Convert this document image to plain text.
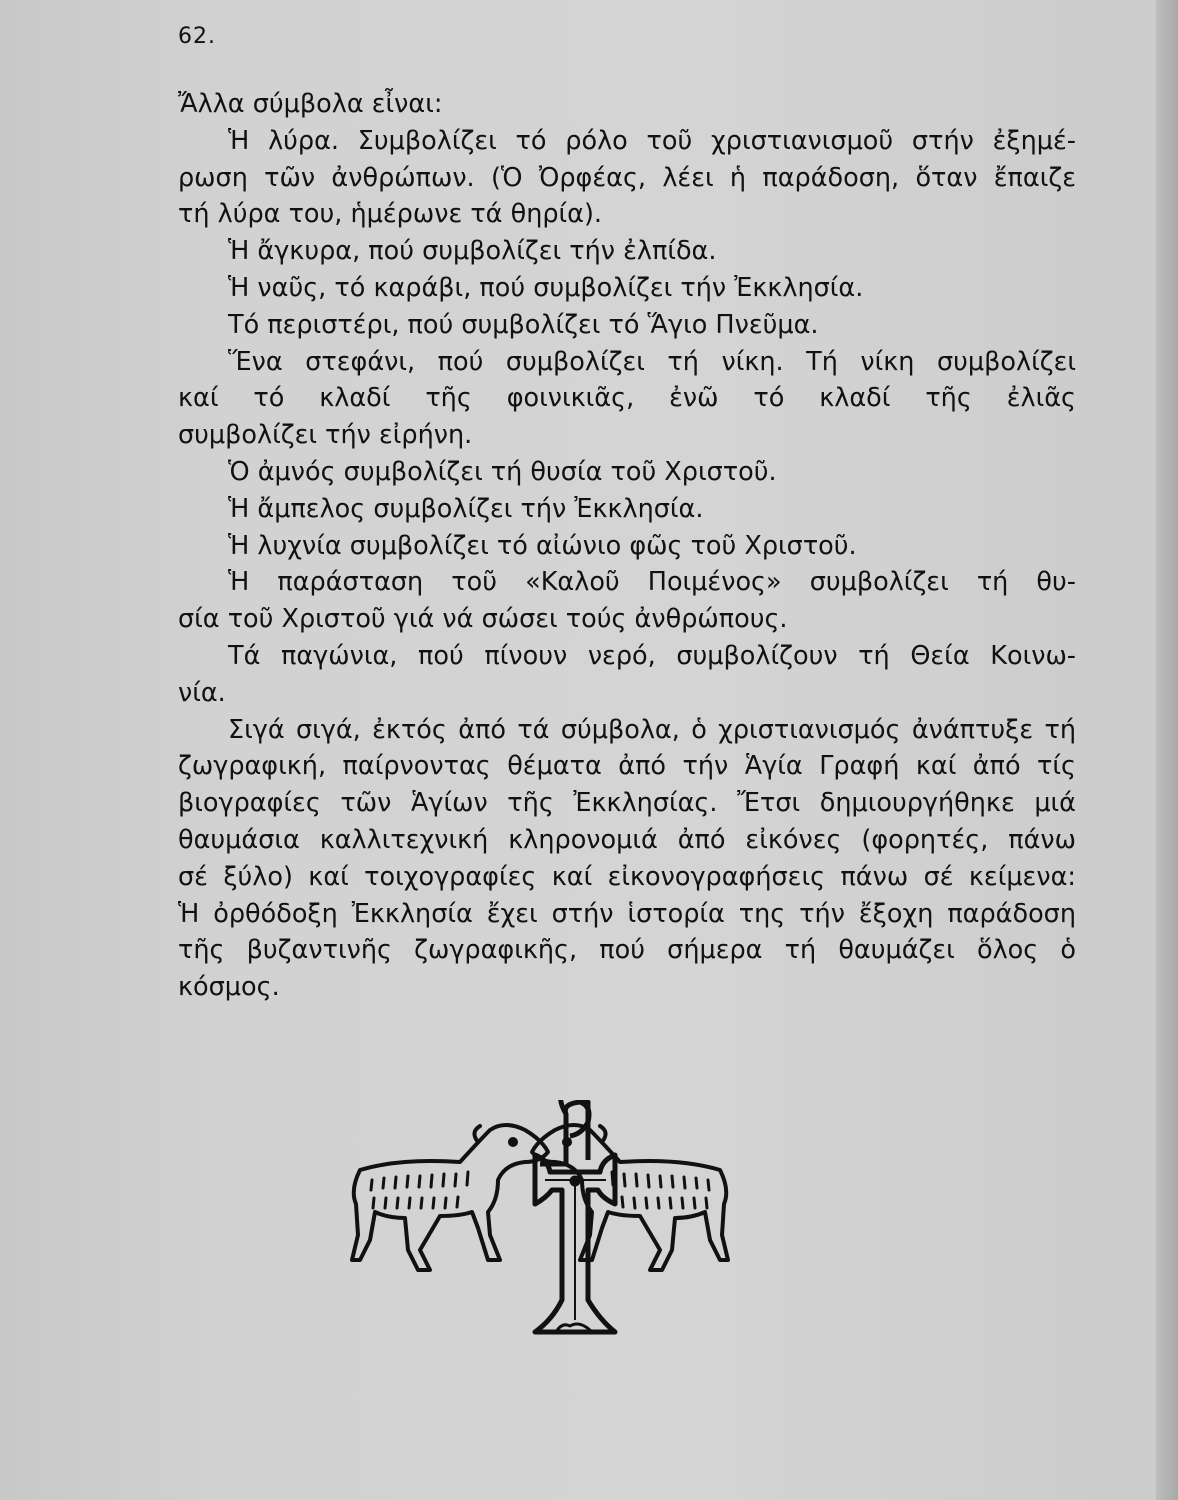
62.
Ἄλλα σύμβολα εἶναι:
Ἡ λύρα. Συμβολίζει τό ρόλο τοῦ χριστιανισμοῦ στήν ἐξημέ-
ρωση τῶν ἀνθρώπων. (Ὁ Ὀρφέας, λέει ἡ παράδοση, ὅταν ἔπαιζε
τή λύρα του, ἡμέρωνε τά θηρία).
Ἡ ἄγκυρα, πού συμβολίζει τήν ἐλπίδα.
Ἡ ναῦς, τό καράβι, πού συμβολίζει τήν Ἐκκλησία.
Τό περιστέρι, πού συμβολίζει τό Ἅγιο Πνεῦμα.
Ἕνα στεφάνι, πού συμβολίζει τή νίκη. Τή νίκη συμβολίζει
καί τό κλαδί τῆς φοινικιᾶς, ἐνῶ τό κλαδί τῆς ἐλιᾶς
συμβολίζει τήν εἰρήνη.
Ὁ ἀμνός συμβολίζει τή θυσία τοῦ Χριστοῦ.
Ἡ ἄμπελος συμβολίζει τήν Ἐκκλησία.
Ἡ λυχνία συμβολίζει τό αἰώνιο φῶς τοῦ Χριστοῦ.
Ἡ παράσταση τοῦ «Καλοῦ Ποιμένος» συμβολίζει τή θυ-
σία τοῦ Χριστοῦ γιά νά σώσει τούς ἀνθρώπους.
Τά παγώνια, πού πίνουν νερό, συμβολίζουν τή Θεία Κοινω-
νία.
Σιγά σιγά, ἐκτός ἀπό τά σύμβολα, ὁ χριστιανισμός ἀνάπτυξε τή
ζωγραφική, παίρνοντας θέματα ἀπό τήν Ἁγία Γραφή καί ἀπό τίς
βιογραφίες τῶν Ἁγίων τῆς Ἐκκλησίας. Ἔτσι δημιουργήθηκε μιά
θαυμάσια καλλιτεχνική κληρονομιά ἀπό εἰκόνες (φορητές, πάνω
σέ ξύλο) καί τοιχογραφίες καί εἰκονογραφήσεις πάνω σέ κείμενα:
Ἡ ὀρθόδοξη Ἐκκλησία ἔχει στήν ἱστορία της τήν ἔξοχη παράδοση
τῆς βυζαντινῆς ζωγραφικῆς, πού σήμερα τή θαυμάζει ὅλος ὁ
κόσμος.
